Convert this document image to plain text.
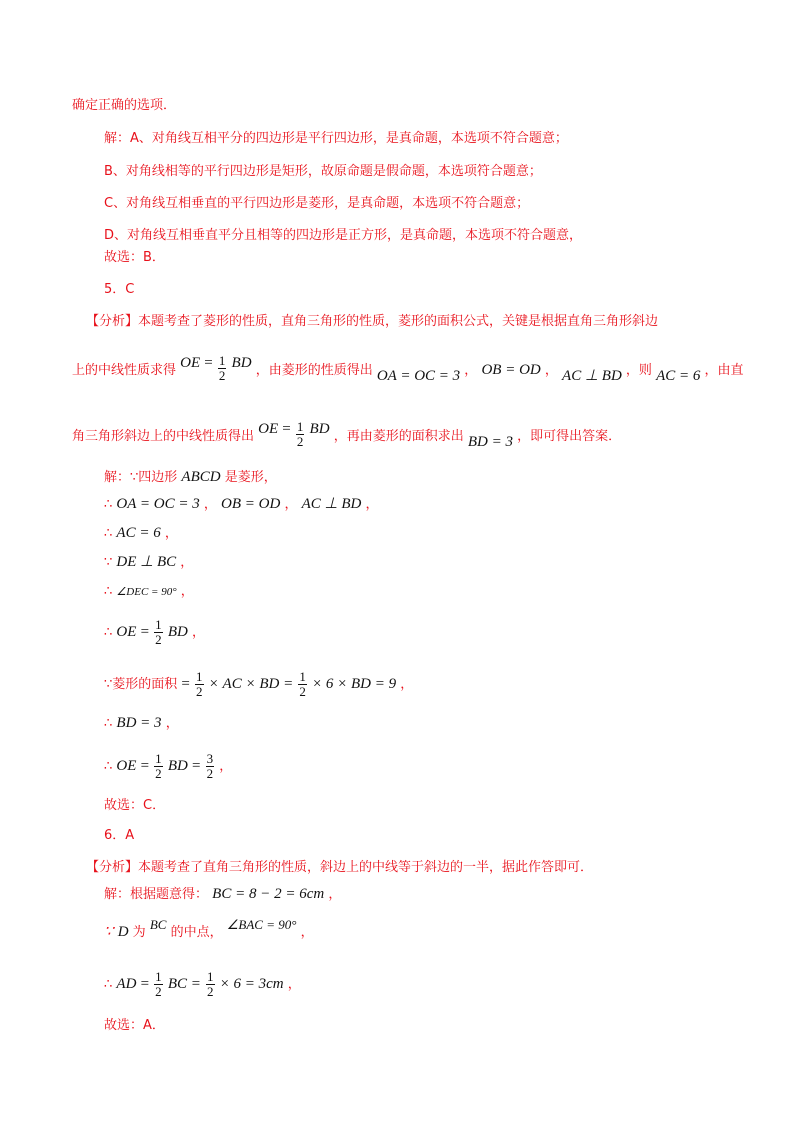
确定正确的选项．
解：A、对角线互相平分的四边形是平行四边形，是真命题，本选项不符合题意；
B、对角线相等的平行四边形是矩形，故原命题是假命题，本选项符合题意；
C、对角线互相垂直的平行四边形是菱形，是真命题，本选项不符合题意；
D、对角线互相垂直平分且相等的四边形是正方形，是真命题，本选项不符合题意，
故选：B．
5．C
【分析】本题考查了菱形的性质，直角三角形的性质，菱形的面积公式，关键是根据直角三角形斜边
上的中线性质求得 OE = $\frac{1}{2}$ BD ，由菱形的性质得出 OA = OC = 3 ， OB = OD ， AC ⊥ BD ，则 AC = 6 ，由直
角三角形斜边上的中线性质得出 OE = $\frac{1}{2}$ BD ，再由菱形的面积求出 BD = 3 ，即可得出答案．
解：∵四边形 ABCD 是菱形，
∴ OA = OC = 3 ， OB = OD ， AC ⊥ BD ，
∴ AC = 6 ，
∵ DE ⊥ BC ，
∴ ∠DEC = 90° ，
∴ OE = $\frac{1}{2}$ BD ，
∵菱形的面积 = $\frac{1}{2}$ × AC × BD = $\frac{1}{2} \times 6$ × BD = 9 ，
∴ BD = 3 ，
∴ OE = $\frac{1}{2}$ BD = $\frac{3}{2}$ ，
故选：C．
6．A
【分析】本题考查了直角三角形的性质，斜边上的中线等于斜边的一半，据此作答即可．
解：根据题意得： BC = 8 − 2 = 6cm ，
∵ D 为 BC 的中点， ∠BAC = 90° ，
∴ AD = $\frac{1}{2}$ BC = $\frac{1}{2} \times 6 = 3cm$ ，
故选：A．
